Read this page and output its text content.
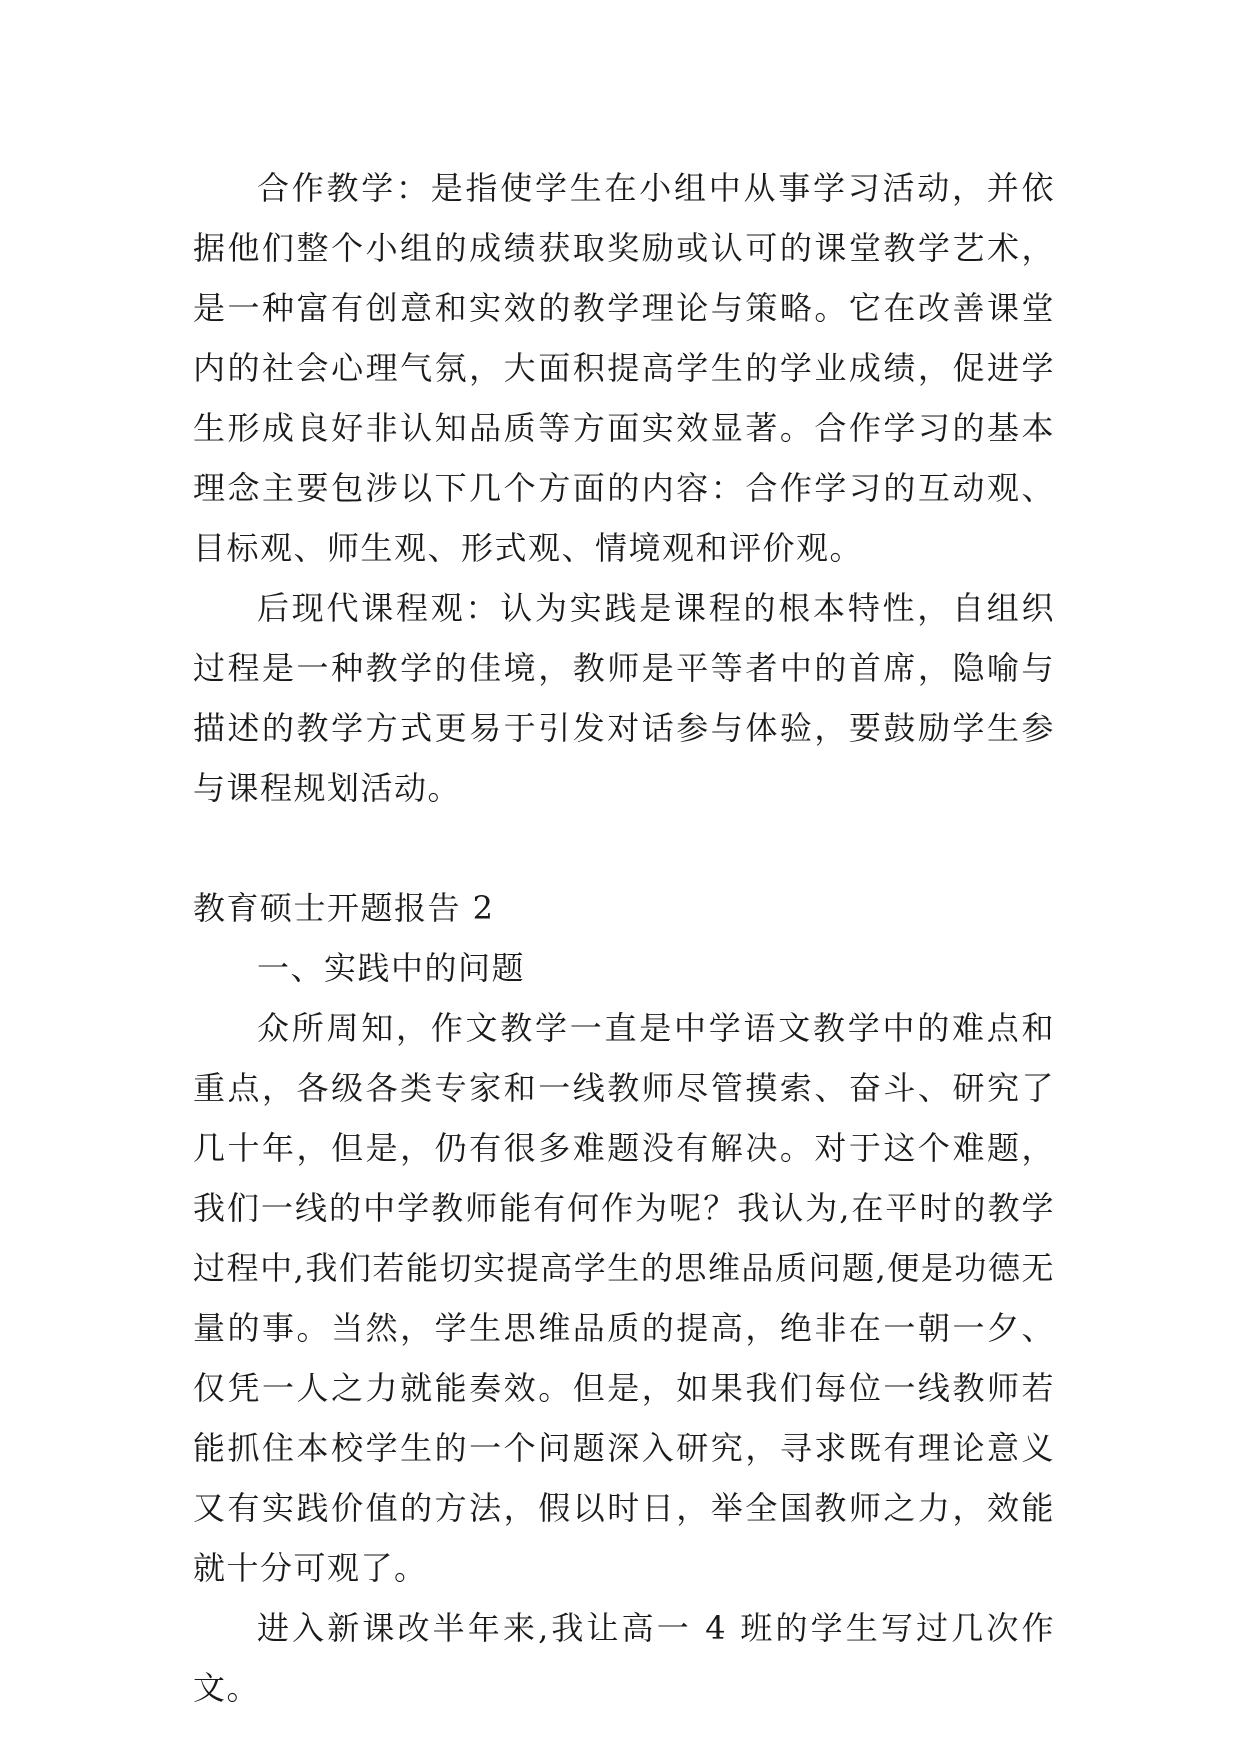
合作教学：是指使学生在小组中从事学习活动，并依据他们整个小组的成绩获取奖励或认可的课堂教学艺术，是一种富有创意和实效的教学理论与策略。它在改善课堂内的社会心理气氛，大面积提高学生的学业成绩，促进学生形成良好非认知品质等方面实效显著。合作学习的基本理念主要包涉以下几个方面的内容：合作学习的互动观、目标观、师生观、形式观、情境观和评价观。

后现代课程观：认为实践是课程的根本特性，自组织过程是一种教学的佳境，教师是平等者中的首席，隐喻与描述的教学方式更易于引发对话参与体验，要鼓励学生参与课程规划活动。

教育硕士开题报告 2

一、实践中的问题

众所周知，作文教学一直是中学语文教学中的难点和重点，各级各类专家和一线教师尽管摸索、奋斗、研究了几十年，但是，仍有很多难题没有解决。对于这个难题，我们一线的中学教师能有何作为呢？我认为,在平时的教学过程中,我们若能切实提高学生的思维品质问题,便是功德无量的事。当然，学生思维品质的提高，绝非在一朝一夕、仅凭一人之力就能奏效。但是，如果我们每位一线教师若能抓住本校学生的一个问题深入研究，寻求既有理论意义又有实践价值的方法，假以时日，举全国教师之力，效能就十分可观了。

进入新课改半年来,我让高一 4 班的学生写过几次作文。
